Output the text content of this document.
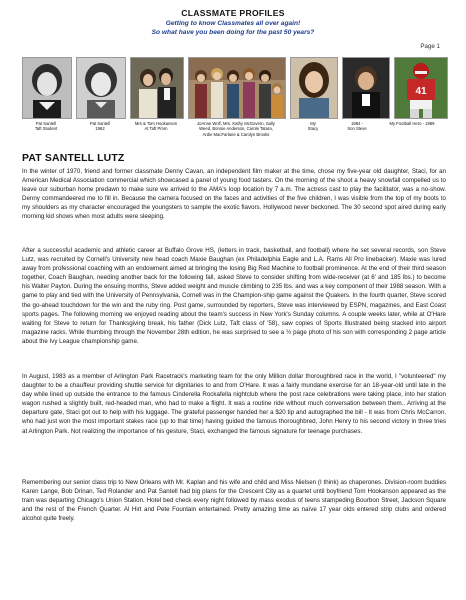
CLASSMATE PROFILES
Getting to know Classmates all over again!
So what have you been doing for the past 50 years?
Page 1
41
Pat Santell
Taft Student
Pat Santell
1962
Mrs & Tom Hookanson
At Taft Prom
JoAnne Wolf, Mrs. Kathy McGovern, Sally
Weed, Bonnie Anderson, Carole Tatara,
Ardie MacFarlane & Carolyn Brooks
My
Stacy
1984 -
Son Steve
My Football Hero - 1989
PAT SANTELL LUTZ

In the winter of 1970, friend and former classmate Denny Cavan, an independent film maker at the time, chose my five-year old daughter, Staci, for an American Medical Association commercial which showcased a panel of young food tasters. On the morning of the shoot a heavy snowfall compelled us to leave our suburban home predawn to make sure we arrived to the AMA's loop location by 7 a.m. The actress cast to play the facilitator, was a no-show. Denny commandeered me to fill in. Because the camera focused on the faces and activities of the five children, I was visible from the top of my boots to my shoulders as my character encouraged the youngsters to sample the exotic flavors. Hollywood never beckoned. The 30 second spot aired during early morning kid shows when most adults were sleeping.

After a successful academic and athletic career at Buffalo Grove HS, (letters in track, basketball, and football) where he set several records, son Steve Lutz, was recruited by Cornell's University new head coach Maxie Baughan (ex Philadelphia Eagle and L.A. Rams All Pro linebacker). Maxie was lured away from professional coaching with an endowment aimed at bringing the losing Big Red Machine to football prominence. At the end of their third season together, Coach Baughan, needing another back for the following fall, asked Steve to consider shifting from wide-receiver (at 6' and 185 lbs.) to become his Walter Payton. During the ensuing months, Steve added weight and muscle climbing to 235 lbs. and was a key component of their 1988 season. With a game to play and tied with the University of Pennsylvania, Cornell was in the Champion-ship game against the Quakers. In the fourth quarter, Steve scored the go-ahead touchdown for the win and the ruby ring. Post game, surrounded by reporters, Steve was interviewed by ESPN, magazines, and East Coast sports pages. The following morning we enjoyed reading about the team's success in New York's Sunday columns. A couple weeks later, while at O'Hare waiting for Steve to return for Thanksgiving break, his father (Dick Lutz, Taft class of '58), saw copies of Sports Illustrated being stacked into airport magazine racks. While thumbing through the November 28th edition, he was surprised to see a ½ page photo of his son with corresponding 2 page article about the Ivy League championship game.

In August, 1983 as a member of Arlington Park Racetrack's marketing team for the only Million dollar thoroughbred race in the world, I "volunteered" my daughter to be a chauffeur providing shuttle service for dignitaries to and from O'Hare. It was a fairly mundane exercise for an 18-year-old until late in the day while lined up outside the entrance to the famous Cinderella Rockafella nightclub where the post race celebrations were taking place, into her station wagon rushed a slightly built, red-headed man, who had to make a flight. It was a routine ride without much conversation between them.. Arriving at the departure gate, Staci got out to help with his luggage. The grateful passenger handed her a $20 tip and autographed the bill - It was from Chris McCarron, who had just won the most important stakes race (up to that time) having guided the famous thoroughbred, John Henry to his second victory in three tries at Arlington Park. Not realizing the importance of his gesture, Staci, exchanged the famous signature for teenage purchases.

Remembering our senior class trip to New Orleans with Mr. Kaplan and his wife and child and Miss Nielsen (I think) as chaperones. Division-room buddies Karen Lange, Bob Drinan, Ted Rolander and Pat Santell had big plans for the Crescent City as a quartet until boyfriend Tom Hookanson appeared as the train was departing Chicago's Union Station. Hotel bed check every night followed by mass exodus of teens stampeding Bourbon Street, Jackson Square and the rest of the French Quarter. Al Hirt and Pete Fountain entertained. Pretty amazing time as naïve 17 year olds entered strip clubs and ordered alcohol quite freely.
